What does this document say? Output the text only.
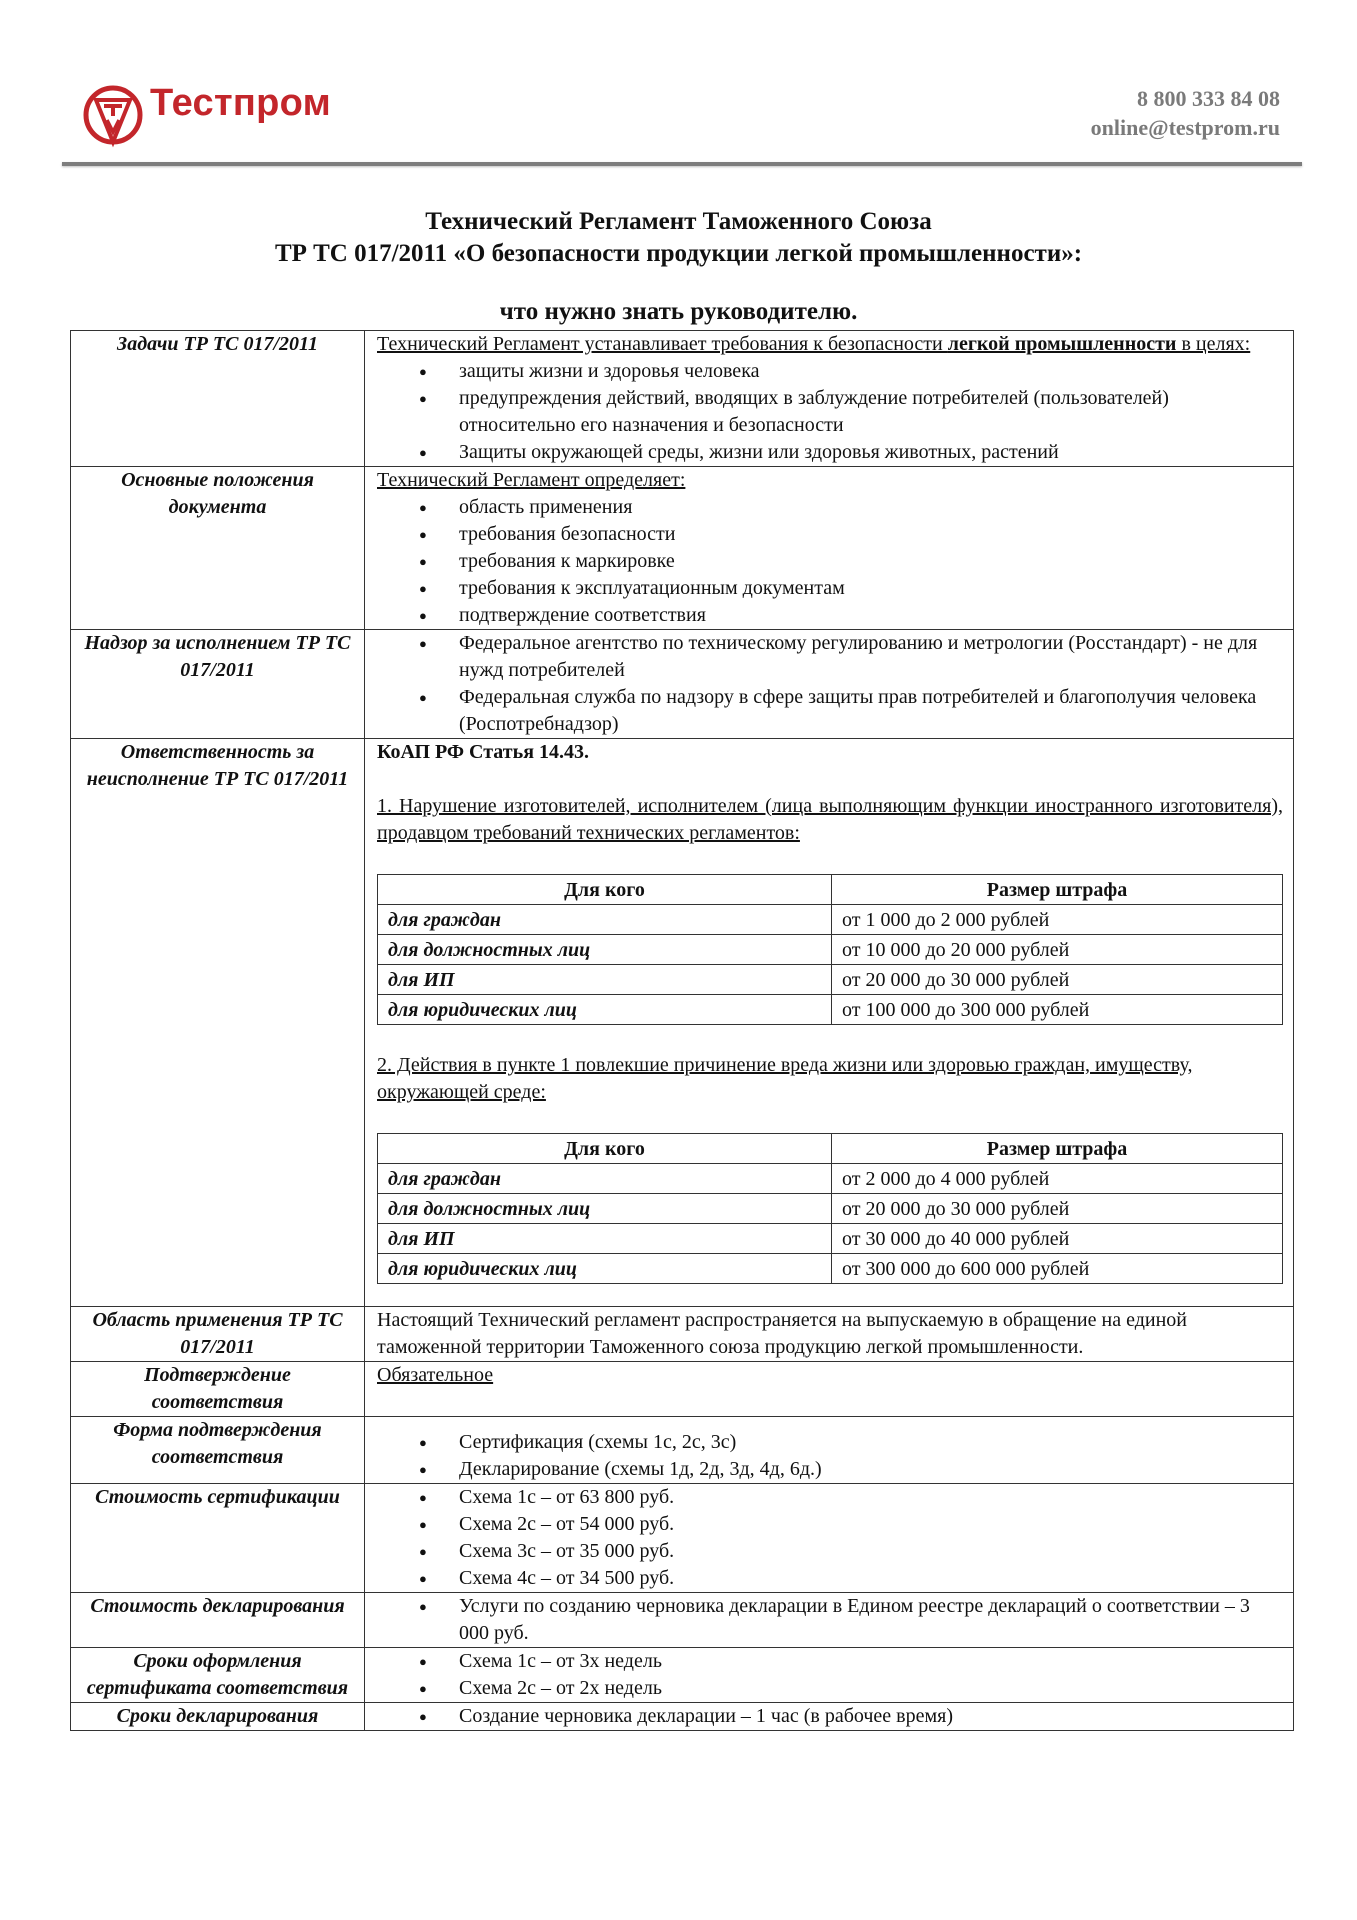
Тестпром	8 800 333 84 08
online@testprom.ru
Технический Регламент Таможенного Союза
ТР ТС 017/2011 «О безопасности продукции легкой промышленности»:
что нужно знать руководителю.
Задачи ТР ТС 017/2011	Технический Регламент устанавливает требования к безопасности легкой промышленности в целях:
● защиты жизни и здоровья человека
● предупреждения действий, вводящих в заблуждение потребителей (пользователей) относительно его назначения и безопасности
● Защиты окружающей среды, жизни или здоровья животных, растений

Основные положения документа	
Технический Регламент определяет:
● область применения
● требования безопасности
● требования к маркировке
● требования к эксплуатационным документам
● подтверждение соответствия

Надзор за исполнением ТР ТС 017/2011	
● Федеральное агентство по техническому регулированию и метрологии (Росстандарт) - не для нужд потребителей
● Федеральная служба по надзору в сфере защиты прав потребителей и благополучия человека (Роспотребнадзор)

Ответственность за неисполнение ТР ТС 017/2011	
КоАП РФ Статья 14.43.
1. Нарушение изготовителей, исполнителем (лица выполняющим функции иностранного изготовителя), продавцом требований технических регламентов:
Для кого	Размер штрафа
для граждан	от 1 000 до 2 000 рублей
для должностных лиц	от 10 000 до 20 000 рублей
для ИП	от 20 000 до 30 000 рублей
для юридических лиц	от 100 000 до 300 000 рублей
2. Действия в пункте 1 повлекшие причинение вреда жизни или здоровью граждан, имуществу, окружающей среде:
Для кого	Размер штрафа
для граждан	от 2 000 до 4 000 рублей
для должностных лиц	от 20 000 до 30 000 рублей
для ИП	от 30 000 до 40 000 рублей
для юридических лиц	от 300 000 до 600 000 рублей

Область применения ТР ТС 017/2011	Настоящий Технический регламент распространяется на выпускаемую в обращение на единой таможенной территории Таможенного союза продукцию легкой промышленности.
Подтверждение соответствия	Обязательное
Форма подтверждения соответствия	
● Сертификация (схемы 1с, 2с, 3с)
● Декларирование (схемы 1д, 2д, 3д, 4д, 6д.)

Стоимость сертификации	
●Схема 1с – от 63 800 руб.
● Схема 2с – от 54 000 руб.
● Схема 3с – от 35 000 руб.
● Схема 4с – от 34 500 руб.

Стоимость декларирования	
●Услуги по созданию черновика декларации в Едином реестре деклараций о соответствии – 3 000 руб.

Сроки оформления сертификата соответствия	
● Схема 1с – от 3х недель
● Схема 2с – от 2х недель

Сроки декларирования	
●Создание черновика декларации – 1 час (в рабочее время)
